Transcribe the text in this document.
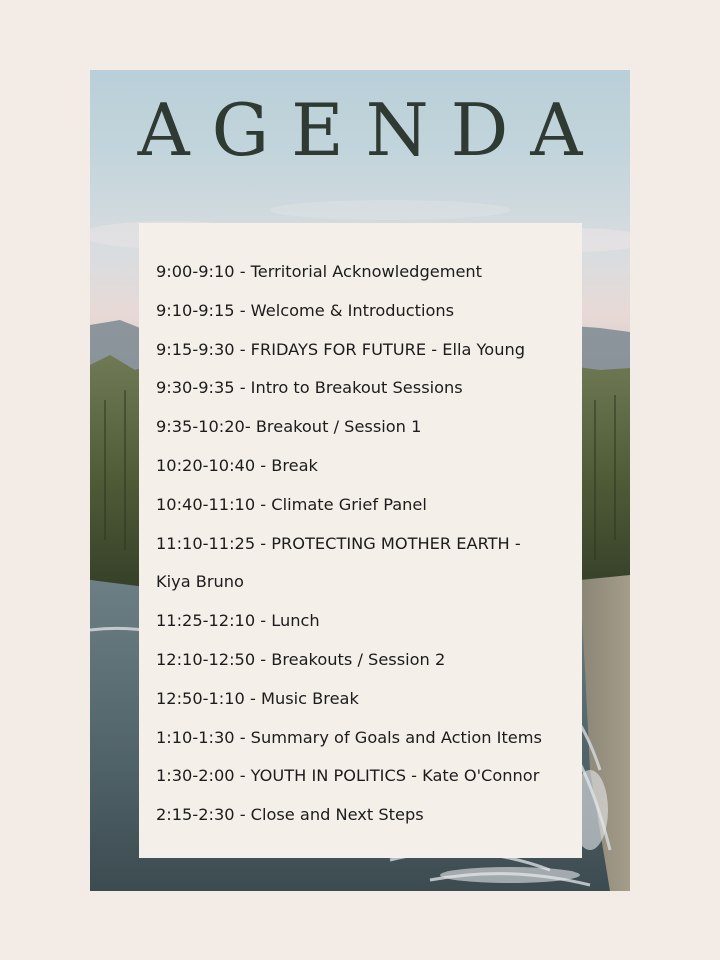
AGENDA
9:00-9:10 - Territorial Acknowledgement
9:10-9:15 - Welcome & Introductions
9:15-9:30 - FRIDAYS FOR FUTURE - Ella Young
9:30-9:35 - Intro to Breakout Sessions
9:35-10:20- Breakout / Session 1
10:20-10:40 - Break
10:40-11:10 - Climate Grief Panel
11:10-11:25 - PROTECTING MOTHER EARTH -
Kiya Bruno
11:25-12:10 - Lunch
12:10-12:50 - Breakouts / Session 2
12:50-1:10 - Music Break
1:10-1:30 - Summary of Goals and Action Items
1:30-2:00 - YOUTH IN POLITICS - Kate O'Connor
2:15-2:30 - Close and Next Steps
